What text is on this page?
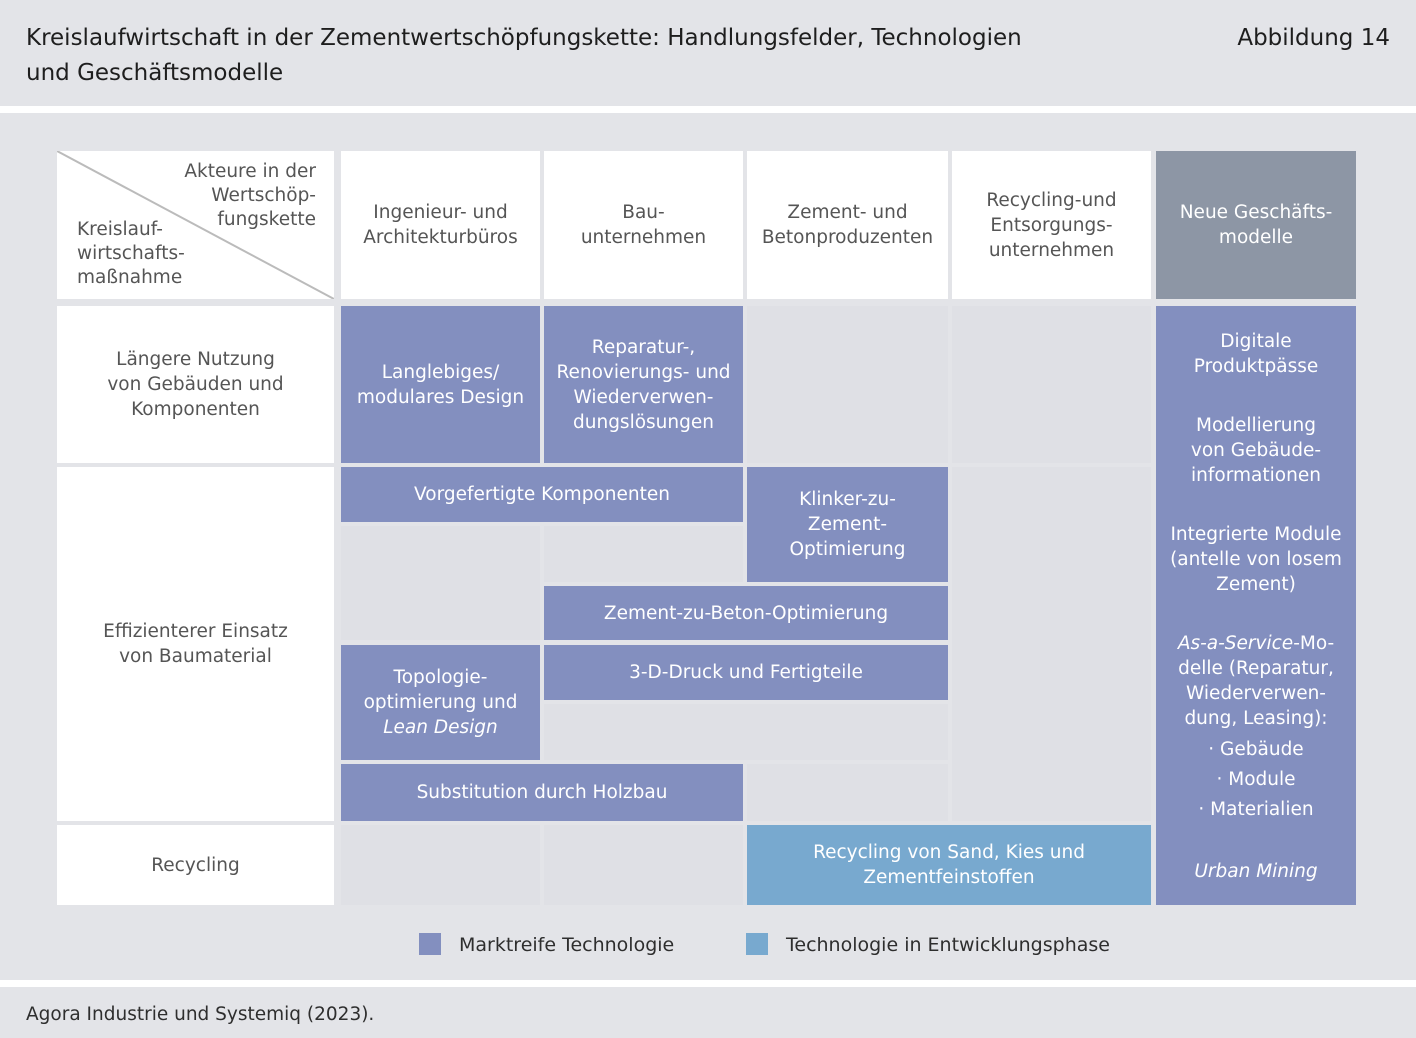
Kreislaufwirtschaft in der Zementwertschöpfungskette: Handlungsfelder, Technologien und Geschäftsmodelle
Abbildung 14
Akteure in der
Wertschöp-
fungskette
Kreislauf-
wirtschafts-
maßnahme
Ingenieur- und
Architekturbüros
Bau-
unternehmen
Zement- und
Betonproduzenten
Recycling-und
Entsorgungs-
unternehmen
Neue Geschäfts-
modelle
Längere Nutzung
von Gebäuden und
Komponenten
Effizienterer Einsatz
von Baumaterial
Recycling
Langlebiges/
modulares Design
Reparatur-,
Renovierungs- und
Wiederverwen-
dungslösungen
Vorgefertigte Komponenten	Klinker-zu-
Zement-
Optimierung
Zement-zu-Beton-Optimierung
Topologie-
optimierung und
Lean Design
3-D-Druck und Fertigteile
Substitution durch Holzbau
Recycling von Sand, Kies und
Zementfeinstoffen

Digitale
Produktpässe

Modellierung
von Gebäude-
informationen

Integrierte Module
(antelle von losem
Zement)

As-a-Service-Mo-
delle (Reparatur,
Wiederverwen-
dung, Leasing):

· Gebäude

· Module

· Materialien

Urban Mining

Marktreife Technologie	Technologie in Entwicklungsphase
Agora Industrie und Systemiq (2023).
